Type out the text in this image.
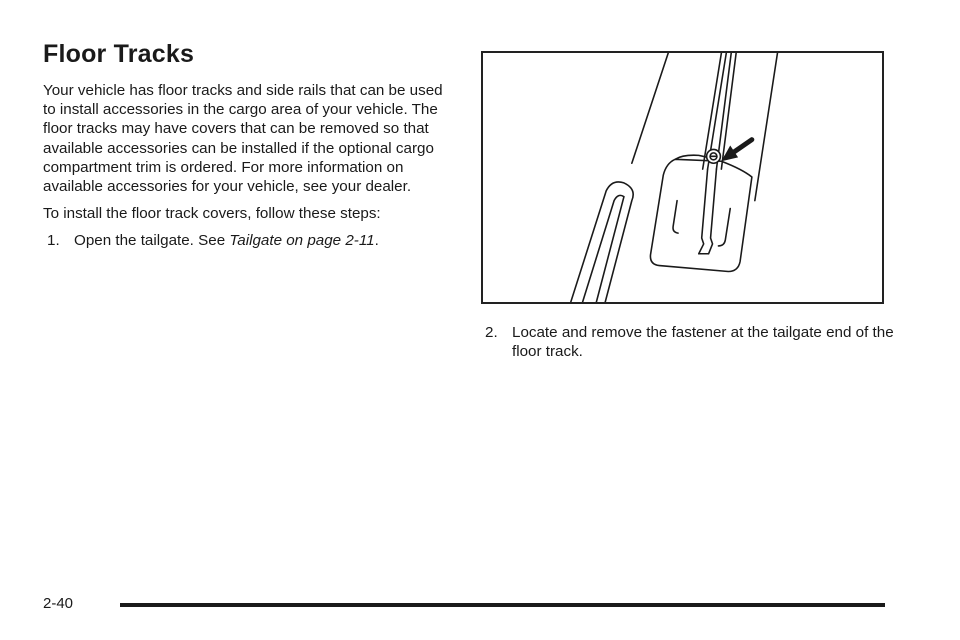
Floor Tracks

Your vehicle has floor tracks and side rails that can be used to install accessories in the cargo area of your vehicle. The floor tracks may have covers that can be removed so that available accessories can be installed if the optional cargo compartment trim is ordered. For more information on available accessories for your vehicle, see your dealer.

To install the floor track covers, follow these steps:

1. Open the tailgate. See Tailgate on page 2-11.
2. Locate and remove the fastener at the tailgate end of the floor track.
2-40
